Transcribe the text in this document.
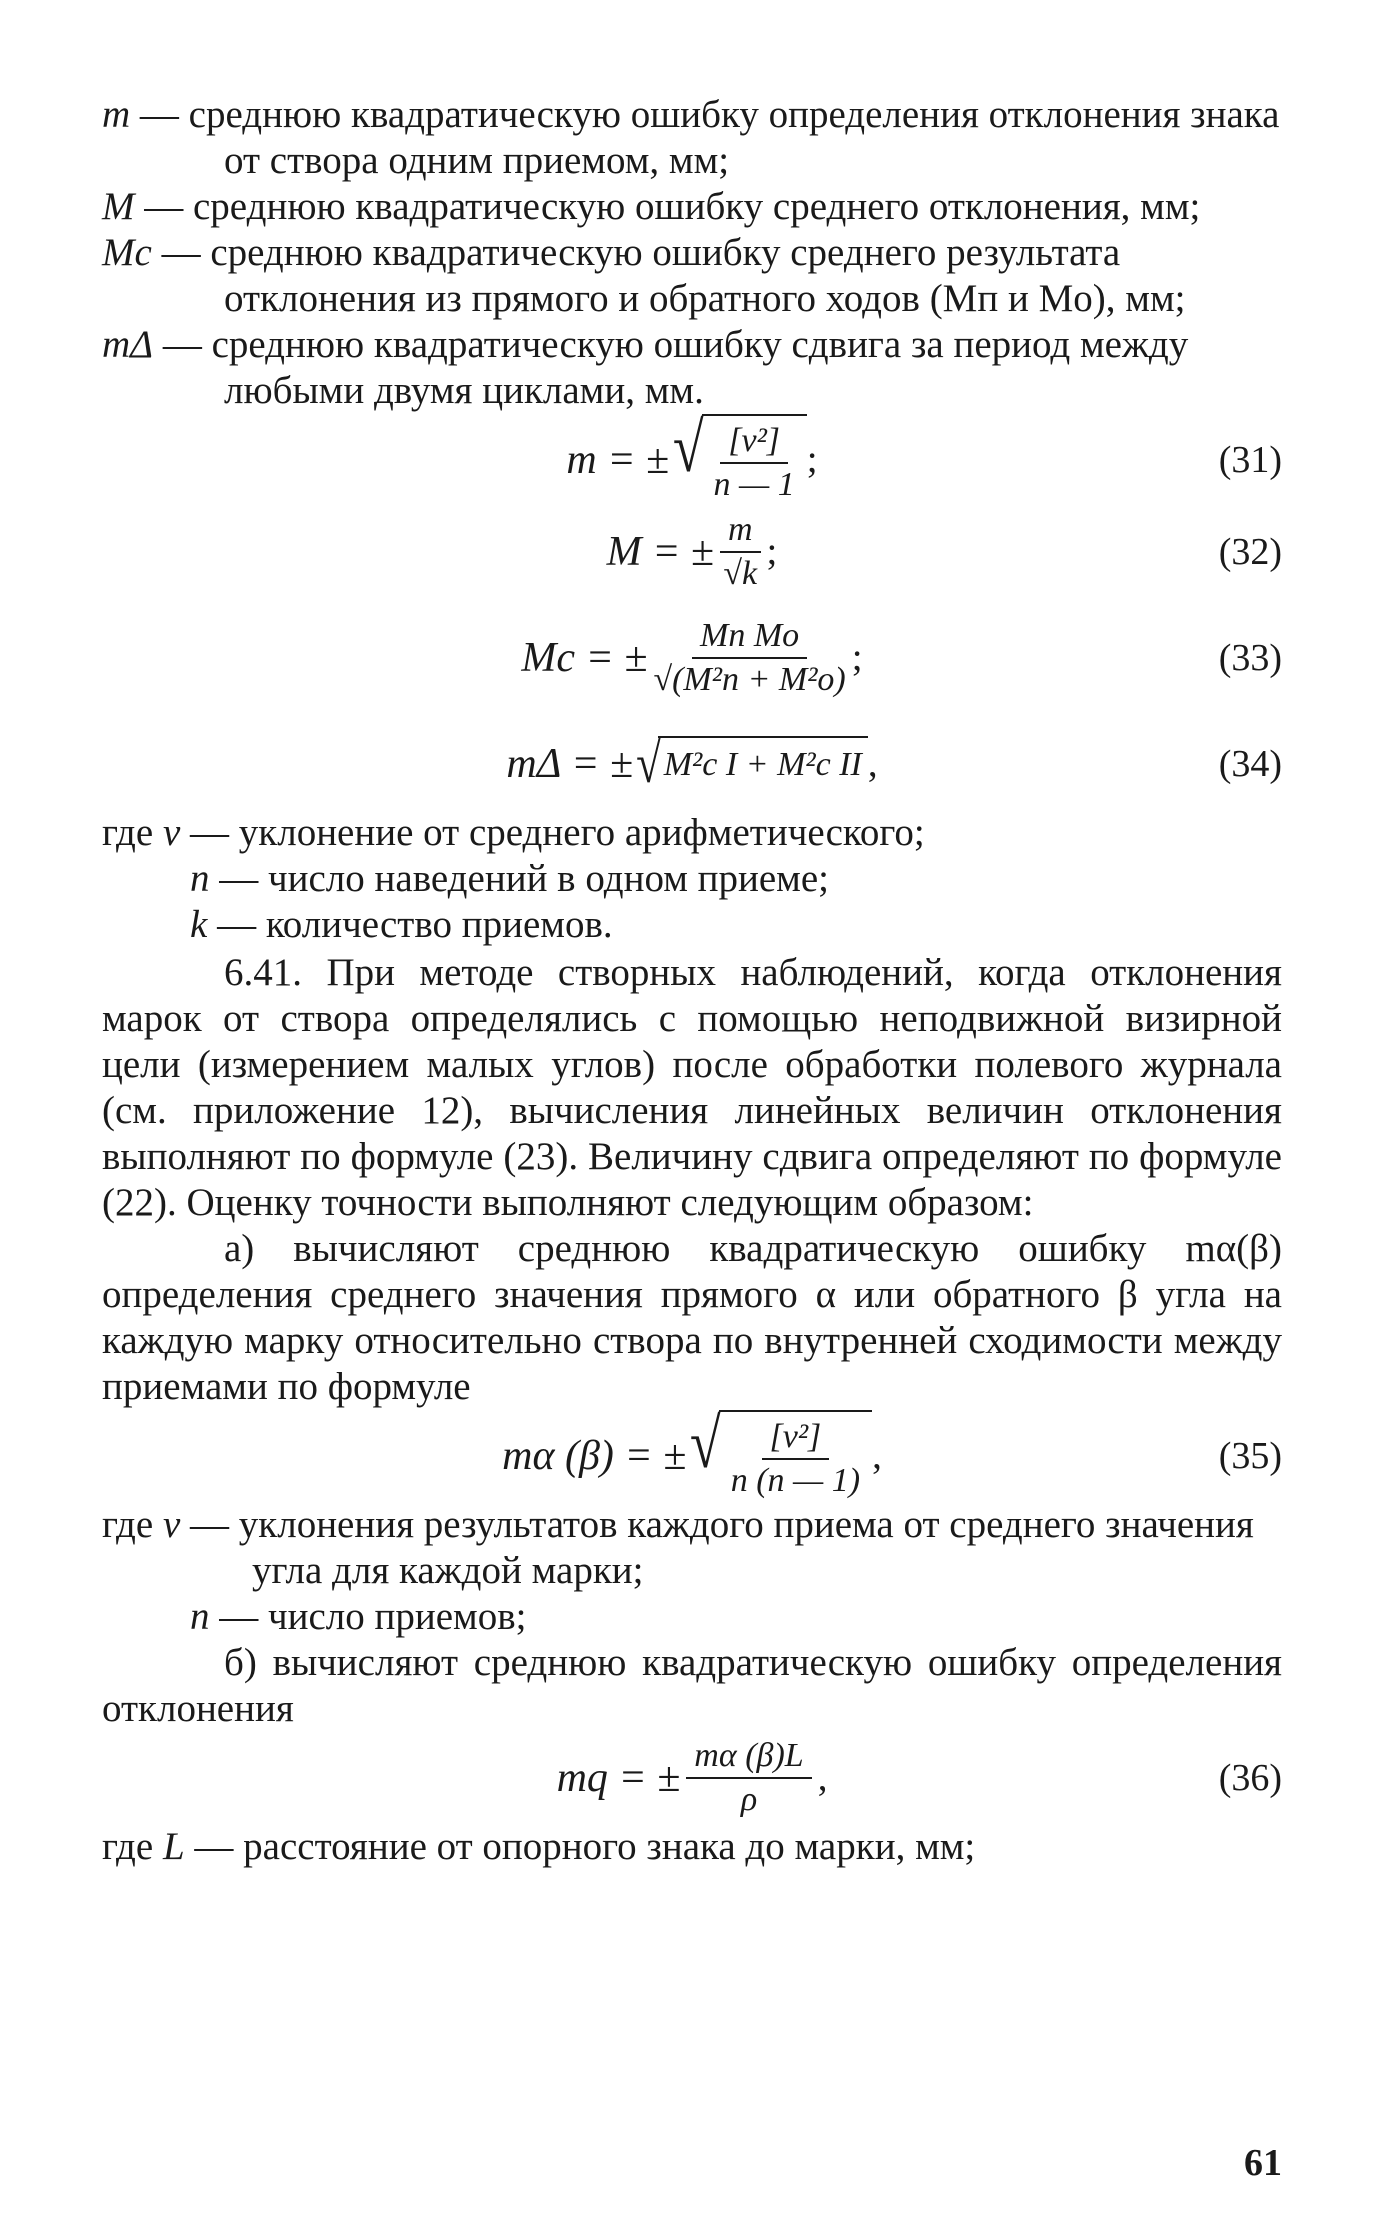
m — среднюю квадратическую ошибку определения отклонения знака от створа одним приемом, мм;
M — среднюю квадратическую ошибку среднего отклонения, мм;
Mc — среднюю квадратическую ошибку среднего результата отклонения из прямого и обратного ходов (Mп и Mо), мм;
mΔ — среднюю квадратическую ошибку сдвига за период между любыми двумя циклами, мм.
m = ± √ $\frac{\text{[v²]}}{n — 1}$ ;	(31)
M = ± $\frac{m}{√k}$ ;	(32)
Mc = ± $\frac{\text{Mп Mо}}{\text{√(M²п + M²о)}}$ ;	(33)
mΔ = ± √ M²c I + M²c II ,	(34)
где v — уклонение от среднего арифметического;
n — число наведений в одном приеме;
k — количество приемов.
6.41. При методе створных наблюдений, когда отклонения марок от створа определялись с помощью неподвижной визирной цели (измерением малых углов) после обработки полевого журнала (см. приложение 12), вычисления линейных величин отклонения выполняют по формуле (23). Величину сдвига определяют по формуле (22). Оценку точности выполняют следующим образом:
а) вычисляют среднюю квадратическую ошибку mα(β) определения среднего значения прямого α или обратного β угла на каждую марку относительно створа по внутренней сходимости между приемами по формуле
mα (β) = ± √ $\frac{\text{[v²]}}{n (n — 1)}$ ,	(35)
где v — уклонения результатов каждого приема от среднего значения угла для каждой марки;
n — число приемов;
б) вычисляют среднюю квадратическую ошибку определения отклонения
mq = ± $\frac{m\alpha (\beta)L}{\rho}$ ,	(36)
где L — расстояние от опорного знака до марки, мм;
61
